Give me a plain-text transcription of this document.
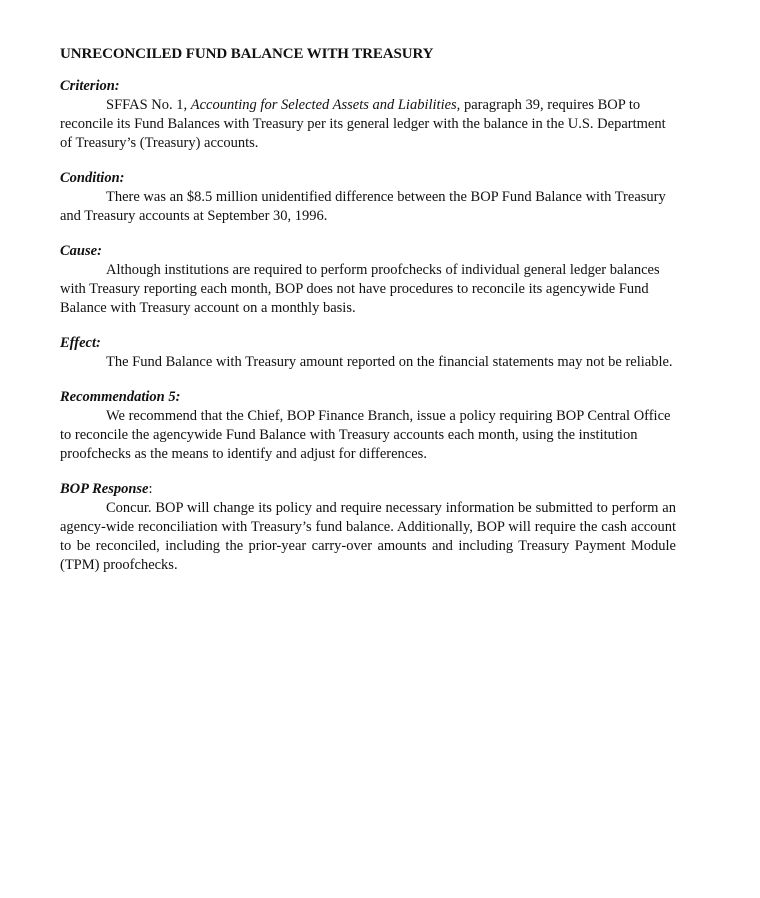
UNRECONCILED FUND BALANCE WITH TREASURY

Criterion:

SFFAS No. 1, Accounting for Selected Assets and Liabilities, paragraph 39, requires BOP to reconcile its Fund Balances with Treasury per its general ledger with the balance in the U.S. Department of Treasury’s (Treasury) accounts.

Condition:

There was an $8.5 million unidentified difference between the BOP Fund Balance with Treasury and Treasury accounts at September 30, 1996.

Cause:

Although institutions are required to perform proofchecks of individual general ledger balances with Treasury reporting each month, BOP does not have procedures to reconcile its agencywide Fund Balance with Treasury account on a monthly basis.

Effect:

The Fund Balance with Treasury amount reported on the financial statements may not be reliable.

Recommendation 5:

We recommend that the Chief, BOP Finance Branch, issue a policy requiring BOP Central Office to reconcile the agencywide Fund Balance with Treasury accounts each month, using the institution proofchecks as the means to identify and adjust for differences.

BOP Response:

Concur. BOP will change its policy and require necessary information be submitted to perform an agency-wide reconciliation with Treasury’s fund balance. Additionally, BOP will require the cash account to be reconciled, including the prior-year carry-over amounts and including Treasury Payment Module (TPM) proofchecks.
